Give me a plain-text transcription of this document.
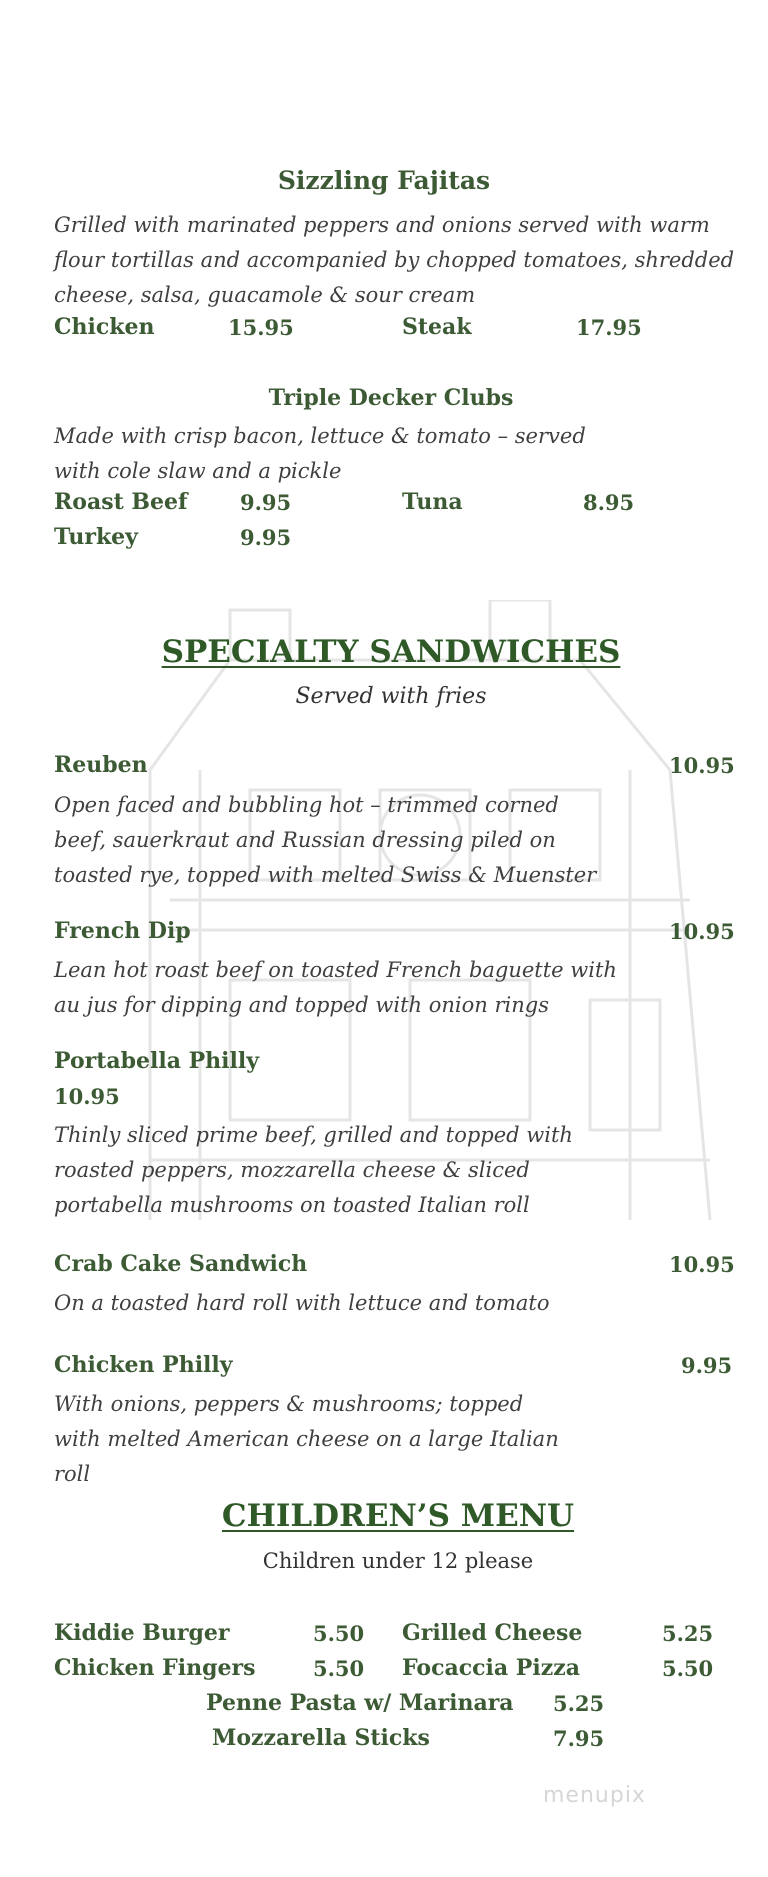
Sizzling Fajitas
Grilled with marinated peppers and onions served with warm flour tortillas and accompanied by chopped tomatoes, shredded cheese, salsa, guacamole & sour cream
Chicken	15.95	Steak	17.95
Triple Decker Clubs
Made with crisp bacon, lettuce & tomato – served with cole slaw and a pickle
Roast Beef	9.95	Tuna	8.95
Turkey	9.95
SPECIALTY SANDWICHES
Served with fries
Reuben	10.95
Open faced and bubbling hot – trimmed corned beef, sauerkraut and Russian dressing piled on toasted rye, topped with melted Swiss & Muenster
French Dip	10.95
Lean hot roast beef on toasted French baguette with au jus for dipping and topped with onion rings
Portabella Philly
10.95
Thinly sliced prime beef, grilled and topped with roasted peppers, mozzarella cheese & sliced portabella mushrooms on toasted Italian roll
Crab Cake Sandwich	10.95
On a toasted hard roll with lettuce and tomato
Chicken Philly	9.95
With onions, peppers & mushrooms; topped with melted American cheese on a large Italian roll
CHILDREN’S MENU
Children under 12 please
Kiddie Burger	5.50 Grilled Cheese	5.25
Chicken Fingers	5.50 Focaccia Pizza	5.50
Penne Pasta w/ Marinara 5.25
Mozzarella Sticks	7.95
menupix
